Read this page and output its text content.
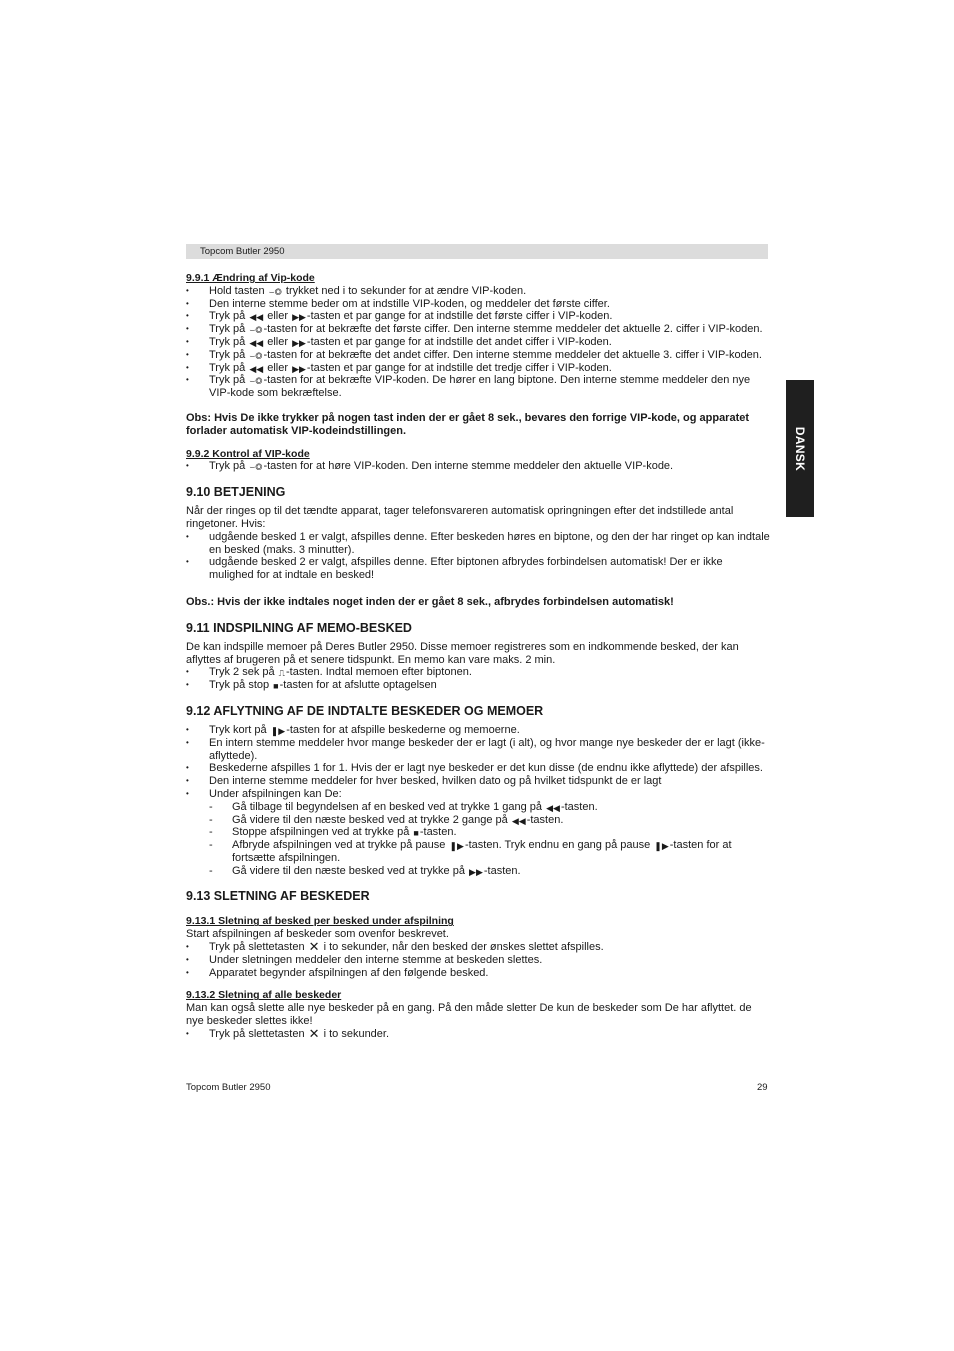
Topcom Butler 2950
DANSK

9.9.1 Ændring af Vip-kode

• Hold tasten ⌣◎ trykket ned i to sekunder for at ændre VIP-koden.
• Den interne stemme beder om at indstille VIP-koden, og meddeler det første ciffer.
• Tryk på ◀◀ eller ▶▶-tasten et par gange for at indstille det første ciffer i VIP-koden.
• Tryk på ⌣◎-tasten for at bekræfte det første ciffer. Den interne stemme meddeler det aktuelle 2. ciffer i VIP-koden.
• Tryk på ◀◀ eller ▶▶-tasten et par gange for at indstille det andet ciffer i VIP-koden.
• Tryk på ⌣◎-tasten for at bekræfte det andet ciffer. Den interne stemme meddeler det aktuelle 3. ciffer i VIP-koden.
• Tryk på ◀◀ eller ▶▶-tasten et par gange for at indstille det tredje ciffer i VIP-koden.
• Tryk på ⌣◎-tasten for at bekræfte VIP-koden. De hører en lang biptone. Den interne stemme meddeler den nye VIP-kode som bekræftelse.

Obs: Hvis De ikke trykker på nogen tast inden der er gået 8 sek., bevares den forrige VIP-kode, og apparatet forlader automatisk VIP-kodeindstillingen.

9.9.2 Kontrol af VIP-kode

• Tryk på ⌣◎-tasten for at høre VIP-koden. Den interne stemme meddeler den aktuelle VIP-kode.

9.10 BETJENING

Når der ringes op til det tændte apparat, tager telefonsvareren automatisk opringningen efter det indstillede antal ringetoner. Hvis:

• udgående besked 1 er valgt, afspilles denne. Efter beskeden høres en biptone, og den der har ringet op kan indtale en besked (maks. 3 minutter).
• udgående besked 2 er valgt, afspilles denne. Efter biptonen afbrydes forbindelsen automatisk! Der er ikke mulighed for at indtale en besked!

Obs.: Hvis der ikke indtales noget inden der er gået 8 sek., afbrydes forbindelsen automatisk!

9.11 INDSPILNING AF MEMO-BESKED

De kan indspille memoer på Deres Butler 2950. Disse memoer registreres som en indkommende besked, der kan aflyttes af brugeren på et senere tidspunkt. En memo kan vare maks. 2 min.

• Tryk 2 sek på ⎍-tasten. Indtal memoen efter biptonen.
• Tryk på stop ■-tasten for at afslutte optagelsen

9.12 AFLYTNING AF DE INDTALTE BESKEDER OG MEMOER

• Tryk kort på ❚▶-tasten for at afspille beskederne og memoerne.
• En intern stemme meddeler hvor mange beskeder der er lagt (i alt), og hvor mange nye beskeder der er lagt (ikke-aflyttede).
• Beskederne afspilles 1 for 1. Hvis der er lagt nye beskeder er det kun disse (de endnu ikke aflyttede) der afspilles.
• Den interne stemme meddeler for hver besked, hvilken dato og på hvilket tidspunkt de er lagt
• Under afspilningen kan De:
- Gå tilbage til begyndelsen af en besked ved at trykke 1 gang på ◀◀-tasten.
- Gå videre til den næste besked ved at trykke 2 gange på ◀◀-tasten.
- Stoppe afspilningen ved at trykke på ■-tasten.
- Afbryde afspilningen ved at trykke på pause ❚▶-tasten. Tryk endnu en gang på pause ❚▶-tasten for at fortsætte afspilningen.
- Gå videre til den næste besked ved at trykke på ▶▶-tasten.

9.13 SLETNING AF BESKEDER

9.13.1 Sletning af besked per besked under afspilning

Start afspilningen af beskeder som ovenfor beskrevet.

• Tryk på slettetasten ✕ i to sekunder, når den besked der ønskes slettet afspilles.
• Under sletningen meddeler den interne stemme at beskeden slettes.
• Apparatet begynder afspilningen af den følgende besked.

9.13.2 Sletning af alle beskeder

Man kan også slette alle nye beskeder på en gang. På den måde sletter De kun de beskeder som De har aflyttet. de nye beskeder slettes ikke!

• Tryk på slettetasten ✕ i to sekunder.
Topcom Butler 2950	29
